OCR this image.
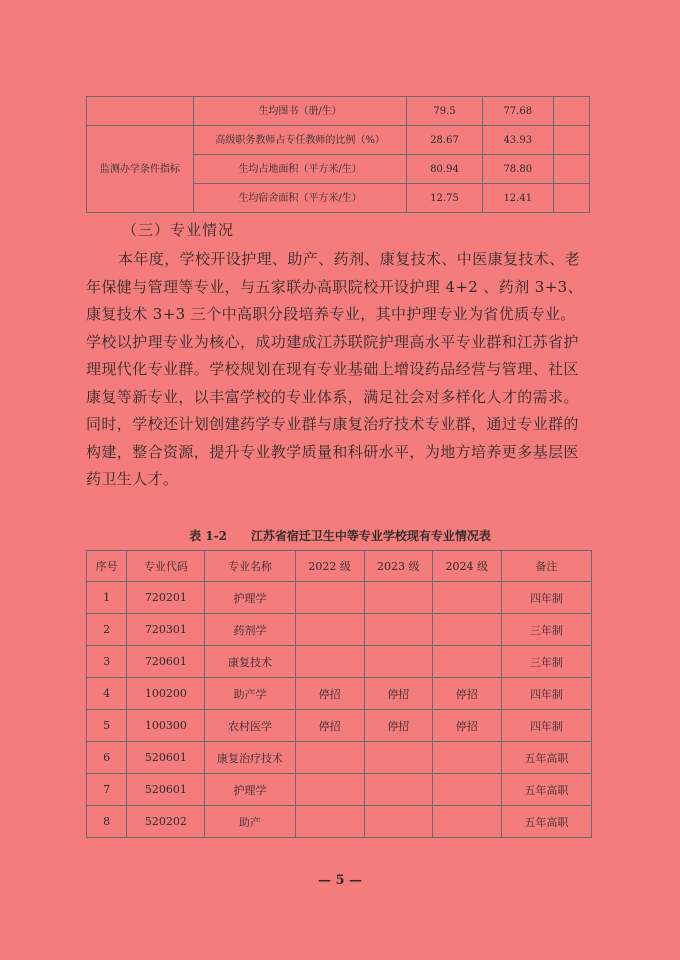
	生均图书（册/生）	79.5	77.68	
监测办学条件指标	高级职务教师占专任教师的比例（%）	28.67	43.93	
	生均占地面积（平方米/生）	80.94	78.80	
	生均宿舍面积（平方米/生）	12.75	12.41	
（三）专业情况
本年度，学校开设护理、助产、药剂、康复技术、中医康复技术、老
年保健与管理等专业，与五家联办高职院校开设护理 4+2 、药剂 3+3、
康复技术 3+3 三个中高职分段培养专业，其中护理专业为省优质专业。
学校以护理专业为核心，成功建成江苏联院护理高水平专业群和江苏省护
理现代化专业群。学校规划在现有专业基础上增设药品经营与管理、社区
康复等新专业，以丰富学校的专业体系，满足社会对多样化人才的需求。
同时，学校还计划创建药学专业群与康复治疗技术专业群，通过专业群的
构建，整合资源，提升专业教学质量和科研水平，为地方培养更多基层医
药卫生人才。
表 1-2　　江苏省宿迁卫生中等专业学校现有专业情况表
序号	专业代码	专业名称	2022 级	2023 级	2024 级	备注
1	720201	护理学				四年制
2	720301	药剂学				三年制
3	720601	康复技术				三年制
4	100200	助产学	停招	停招	停招	四年制
5	100300	农村医学	停招	停招	停招	四年制
6	520601	康复治疗技术				五年高职
7	520601	护理学				五年高职
8	520202	助产				五年高职
— 5 —
